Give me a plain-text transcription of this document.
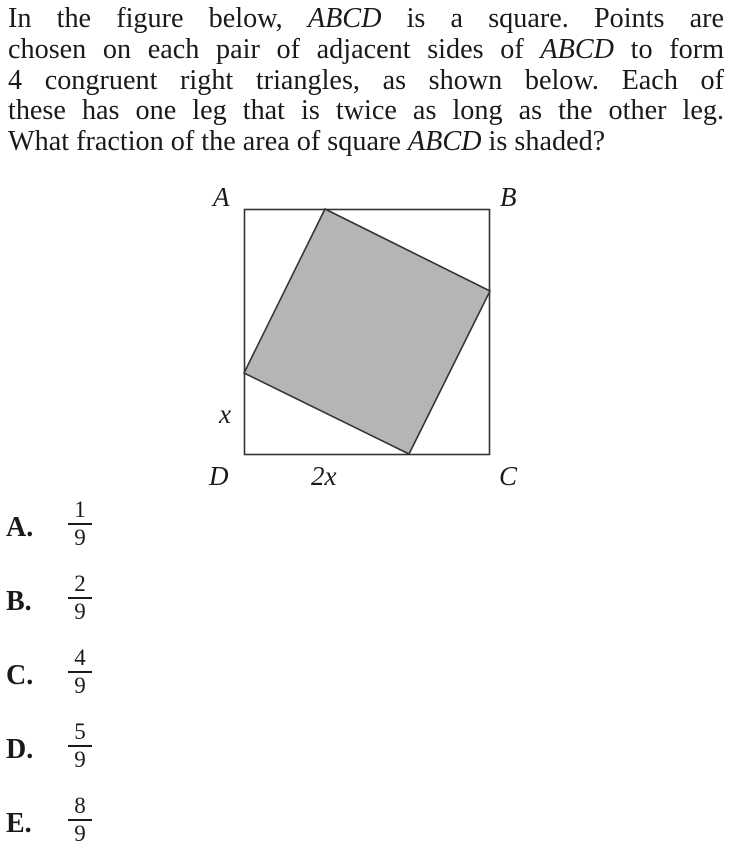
In the figure below, ABCD is a square. Points are
chosen on each pair of adjacent sides of ABCD to form
4 congruent right triangles, as shown below. Each of
these has one leg that is twice as long as the other leg.
What fraction of the area of square ABCD is shaded?
A	B
C
D
x
2x
A.
1
9
B.
2
9
C.
4
9
D.
5
9
E.
8
9
